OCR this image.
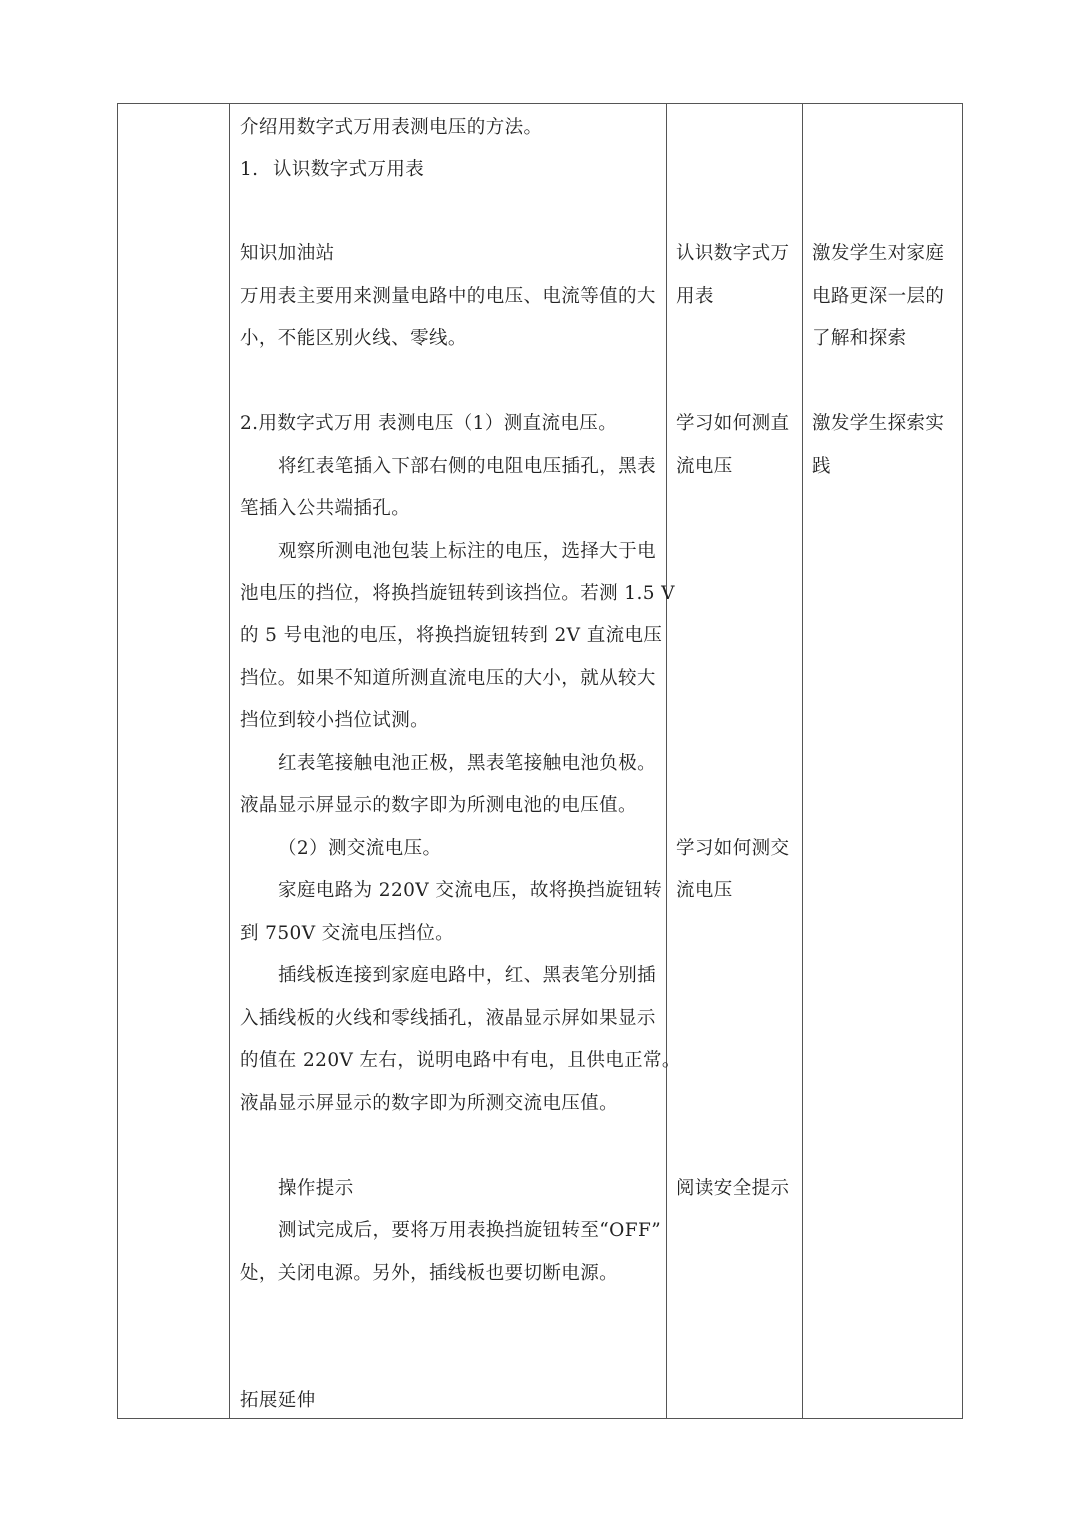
介绍用数字式万用表测电压的方法。
1. 认识数字式万用表
知识加油站
万用表主要用来测量电路中的电压、电流等值的大
小，不能区别火线、零线。
2.用数字式万用 表测电压（1）测直流电压。
将红表笔插入下部右侧的电阻电压插孔，黑表
笔插入公共端插孔。
观察所测电池包装上标注的电压，选择大于电
池电压的挡位，将换挡旋钮转到该挡位。若测 1.5 V
的 5 号电池的电压，将换挡旋钮转到 2V 直流电压
挡位。如果不知道所测直流电压的大小，就从较大
挡位到较小挡位试测。
红表笔接触电池正极，黑表笔接触电池负极。
液晶显示屏显示的数字即为所测电池的电压值。
（2）测交流电压。
家庭电路为 220V 交流电压，故将换挡旋钮转
到 750V 交流电压挡位。
插线板连接到家庭电路中，红、黑表笔分别插
入插线板的火线和零线插孔，液晶显示屏如果显示
的值在 220V 左右，说明电路中有电，且供电正常。
液晶显示屏显示的数字即为所测交流电压值。
操作提示
测试完成后，要将万用表换挡旋钮转至“OFF”
处，关闭电源。另外，插线板也要切断电源。
拓展延伸
认识数字式万
用表
学习如何测直
流电压
学习如何测交
流电压
阅读安全提示
激发学生对家庭
电路更深一层的
了解和探索
激发学生探索实
践
